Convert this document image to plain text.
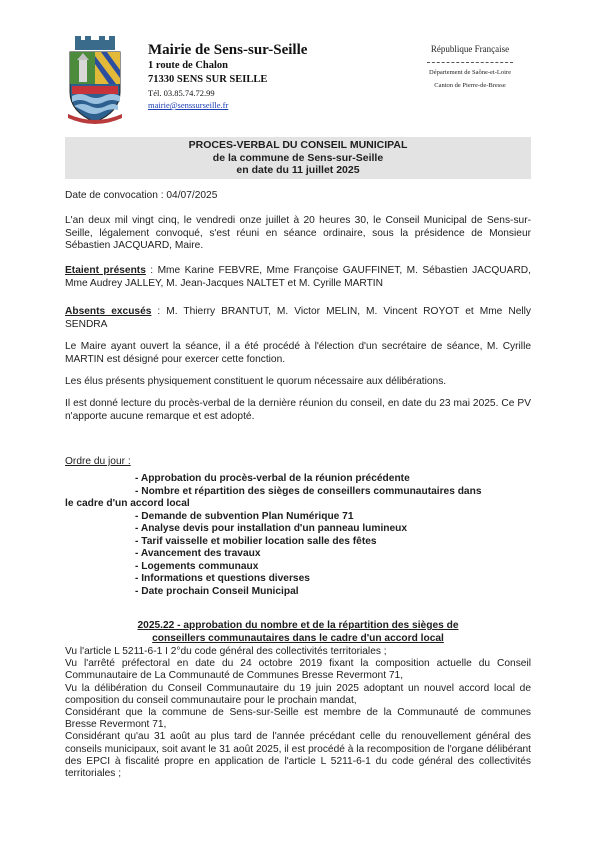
Mairie de Sens-sur-Seille
1 route de Chalon
71330 SENS SUR SEILLE
Tél. 03.85.74.72.99
mairie@senssurseille.fr
République Française
Département de Saône-et-Loire
Canton de Pierre-de-Bresse
PROCES-VERBAL DU CONSEIL MUNICIPAL
de la commune de Sens-sur-Seille
en date du 11 juillet 2025
Date de convocation : 04/07/2025
L'an deux mil vingt cinq, le vendredi onze juillet à 20 heures 30, le Conseil Municipal de Sens-sur-Seille, légalement convoqué, s'est réuni en séance ordinaire, sous la présidence de Monsieur Sébastien JACQUARD, Maire.
Etaient présents : Mme Karine FEBVRE, Mme Françoise GAUFFINET, M. Sébastien JACQUARD, Mme Audrey JALLEY, M. Jean-Jacques NALTET et M. Cyrille MARTIN
Absents excusés : M. Thierry BRANTUT, M. Victor MELIN, M. Vincent ROYOT et Mme Nelly SENDRA
Le Maire ayant ouvert la séance, il a été procédé à l'élection d'un secrétaire de séance, M. Cyrille MARTIN est désigné pour exercer cette fonction.
Les élus présents physiquement constituent le quorum nécessaire aux délibérations.
Il est donné lecture du procès-verbal de la dernière réunion du conseil, en date du 23 mai 2025. Ce PV n'apporte aucune remarque et est adopté.
Ordre du jour :
- Approbation du procès-verbal de la réunion précédente
- Nombre et répartition des sièges de conseillers communautaires dans
le cadre d'un accord local
- Demande de subvention Plan Numérique 71
- Analyse devis pour installation d'un panneau lumineux
- Tarif vaisselle et mobilier location salle des fêtes
- Avancement des travaux
- Logements communaux
- Informations et questions diverses
- Date prochain Conseil Municipal
2025.22 - approbation du nombre et de la répartition des sièges de
conseillers communautaires dans le cadre d'un accord local
Vu l'article L 5211-6-1 I 2°du code général des collectivités territoriales ;
Vu l'arrêté préfectoral en date du 24 octobre 2019 fixant la composition actuelle du Conseil Communautaire de La Communauté de Communes Bresse Revermont 71,
Vu la délibération du Conseil Communautaire du 19 juin 2025 adoptant un nouvel accord local de composition du conseil communautaire pour le prochain mandat,
Considérant que la commune de Sens-sur-Seille est membre de la Communauté de communes Bresse Revermont 71,
Considérant qu'au 31 août au plus tard de l'année précédant celle du renouvellement général des conseils municipaux, soit avant le 31 août 2025, il est procédé à la recomposition de l'organe délibérant des EPCI à fiscalité propre en application de l'article L 5211-6-1 du code général des collectivités territoriales ;
